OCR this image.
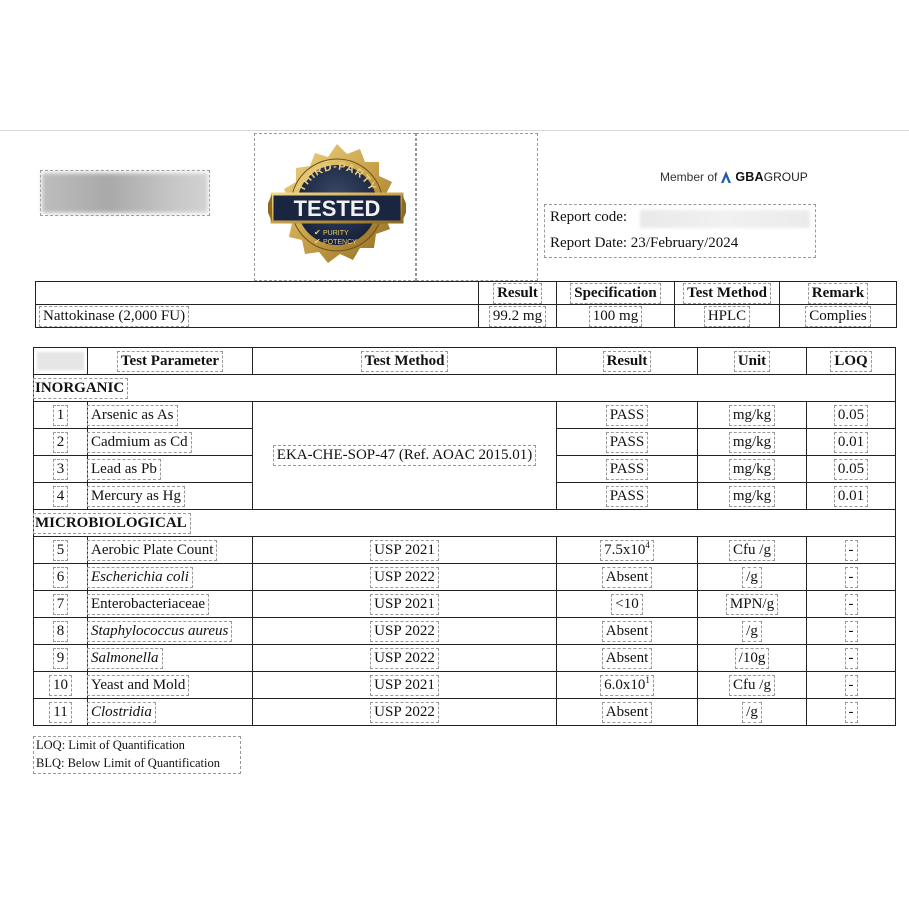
THIRD-PARTY
TESTED
✔ PURITY
✔ POTENCY
Member of GBAGROUP
Report code:
Report Date: 23/February/2024
	Result	Specification	Test Method	Remark
Nattokinase (2,000 FU)	99.2 mg	100 mg	HPLC	Complies
	Test Parameter	Test Method	Result	Unit	LOQ
INORGANIC					
1	Arsenic as As	EKA-CHE-SOP-47 (Ref. AOAC 2015.01)	PASS	mg/kg	0.05
2	Cadmium as Cd		PASS	mg/kg	0.01
3	Lead as Pb		PASS	mg/kg	0.05
4	Mercury as Hg		PASS	mg/kg	0.01
MICROBIOLOGICAL					
5	Aerobic Plate Count	USP 2021	$7.5x10^4$	Cfu /g	-
6	Escherichia coli	USP 2022	Absent	/g	-
7	Enterobacteriaceae	USP 2021	<10	MPN/g	-
8	Staphylococcus aureus	USP 2022	Absent	/g	-
9	Salmonella	USP 2022	Absent	/10g	-
10	Yeast and Mold	USP 2021	$6.0x10^1$	Cfu /g	-
11	Clostridia	USP 2022	Absent	/g	-
LOQ: Limit of Quantification
BLQ: Below Limit of Quantification
